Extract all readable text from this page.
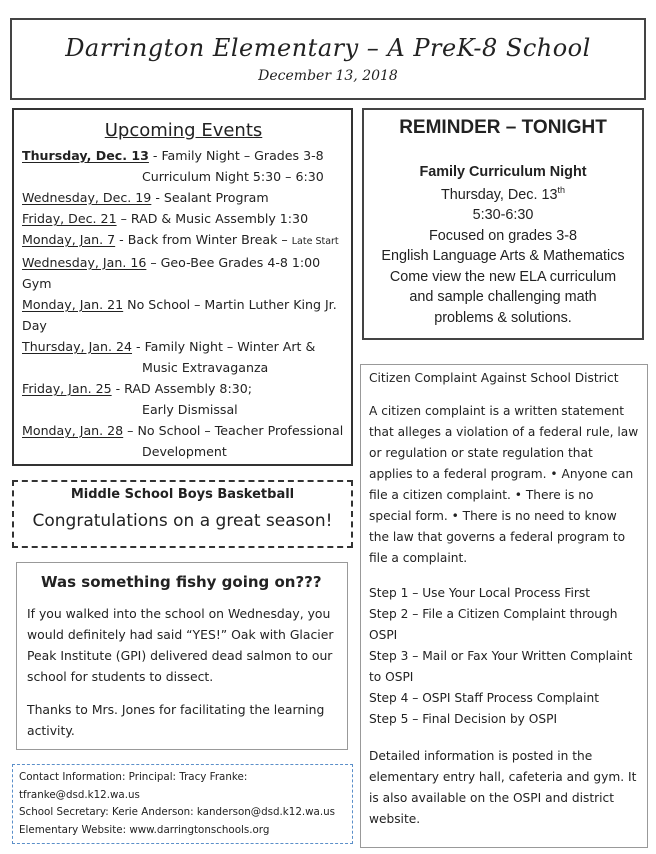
Darrington Elementary – A PreK-8 School
December 13, 2018
Upcoming Events
Thursday, Dec. 13 - Family Night – Grades 3-8
Curriculum Night 5:30 – 6:30
Wednesday, Dec. 19 - Sealant Program
Friday, Dec. 21 – RAD & Music Assembly 1:30
Monday, Jan. 7 - Back from Winter Break – Late Start
Wednesday, Jan. 16 – Geo-Bee Grades 4-8 1:00
Gym
Monday, Jan. 21 No School – Martin Luther King Jr.
Day
Thursday, Jan. 24 - Family Night – Winter Art &
Music Extravaganza
Friday, Jan. 25 - RAD Assembly 8:30;
Early Dismissal
Monday, Jan. 28 – No School – Teacher Professional
Development
REMINDER – TONIGHT
Family Curriculum Night
Thursday, Dec. 13th
5:30-6:30
Focused on grades 3-8
English Language Arts & Mathematics
Come view the new ELA curriculum
and sample challenging math
problems & solutions.
Middle School Boys Basketball
Congratulations on a great season!
Was something fishy going on???
If you walked into the school on Wednesday, you would definitely had said “YES!” Oak with Glacier Peak Institute (GPI) delivered dead salmon to our school for students to dissect.
Thanks to Mrs. Jones for facilitating the learning activity.
Contact Information: Principal: Tracy Franke:
tfranke@dsd.k12.wa.us
School Secretary: Kerie Anderson: kanderson@dsd.k12.wa.us
Elementary Website: www.darringtonschools.org
Citizen Complaint Against School District
A citizen complaint is a written statement that alleges a violation of a federal rule, law or regulation or state regulation that applies to a federal program. • Anyone can file a citizen complaint. • There is no special form. • There is no need to know the law that governs a federal program to file a complaint.
Step 1 – Use Your Local Process First
Step 2 – File a Citizen Complaint through OSPI
Step 3 – Mail or Fax Your Written Complaint to OSPI
Step 4 – OSPI Staff Process Complaint
Step 5 – Final Decision by OSPI
Detailed information is posted in the elementary entry hall, cafeteria and gym. It is also available on the OSPI and district website.
